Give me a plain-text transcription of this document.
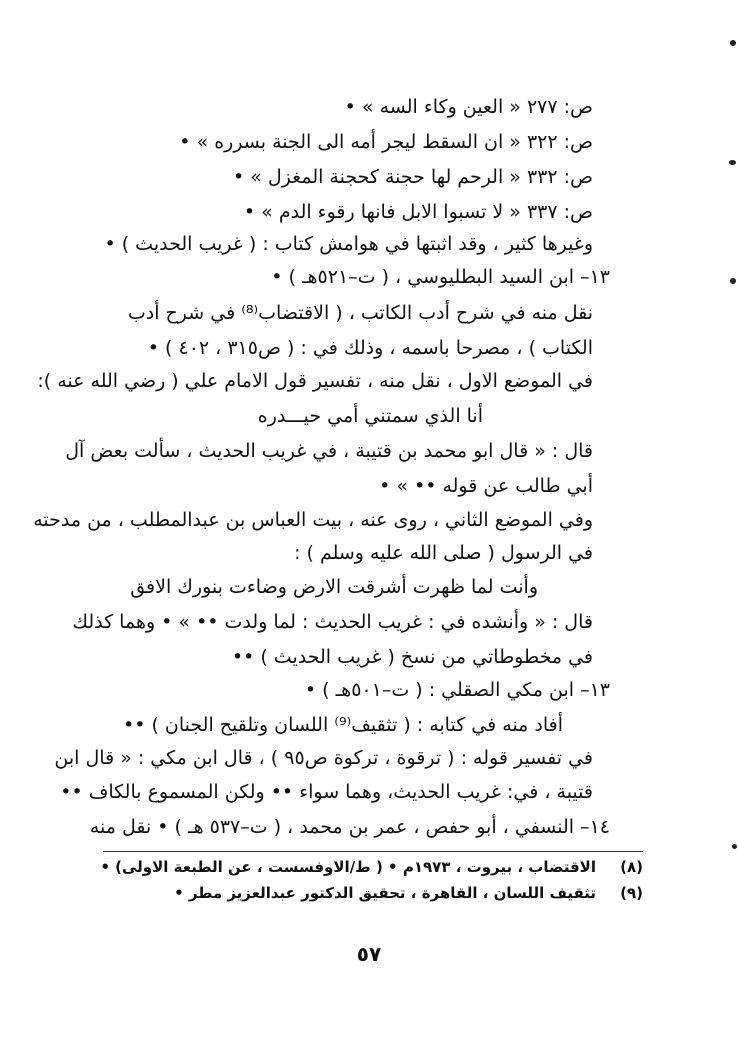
ص: ٢٧٧ « العين وكاء السه » •
ص: ٣٢٢ « ان السقط ليجر أمه الى الجنة بسرره » •
ص: ٣٣٢ « الرحم لها حجنة كحجنة المغزل » •
ص: ٣٣٧ « لا تسبوا الابل فانها رقوء الدم » •
وغيرها كثير ، وقد اثبتها في هوامش كتاب : ( غريب الحديث ) •
١٣– ابن السيد البطليوسي ، ( ت–٥٢١هـ ) •
نقل منه في شرح أدب الكاتب ، ( الاقتضاب⁽⁸⁾ في شرح أدب
الكتاب ) ، مصرحا باسمه ، وذلك في : ( ص٣١٥ ، ٤٠٢ ) •
في الموضع الاول ، نقل منه ، تفسير قول الامام علي ( رضي الله عنه ):
أنا الذي سمتني أمي حيـــدره
قال : « قال ابو محمد بن قتيبة ، في غريب الحديث ، سألت بعض آل
أبي طالب عن قوله •• » •
وفي الموضع الثاني ، روى عنه ، بيت العباس بن عبدالمطلب ، من مدحته
في الرسول ( صلى الله عليه وسلم ) :
وأنت لما ظهرت أشرقت الارض وضاءت بنورك الافق
قال : « وأنشده في : غريب الحديث : لما ولدت •• » • وهما كذلك
في مخطوطاتي من نسخ ( غريب الحديث ) ••
١٣– ابن مكي الصقلي : ( ت–٥٠١هـ ) •
أفاد منه في كتابه : ( تثقيف⁽⁹⁾ اللسان وتلقيح الجنان ) ••
في تفسير قوله : ( ترقوة ، تركوة ص٩٥ ) ، قال ابن مكي : « قال ابن
قتيبة ، في: غريب الحديث، وهما سواء •• ولكن المسموع بالكاف ••
١٤– النسفي ، أبو حفص ، عمر بن محمد ، ( ت–٥٣٧ هـ ) • نقل منه
(٨)
الاقتضاب ، بيروت ، ١٩٧٣م • ( ط/الاوفسست ، عن الطبعة الاولى) •
(٩)
تثقيف اللسان ، القاهرة ، تحقيق الدكتور عبدالعزيز مطر •
٥٧
